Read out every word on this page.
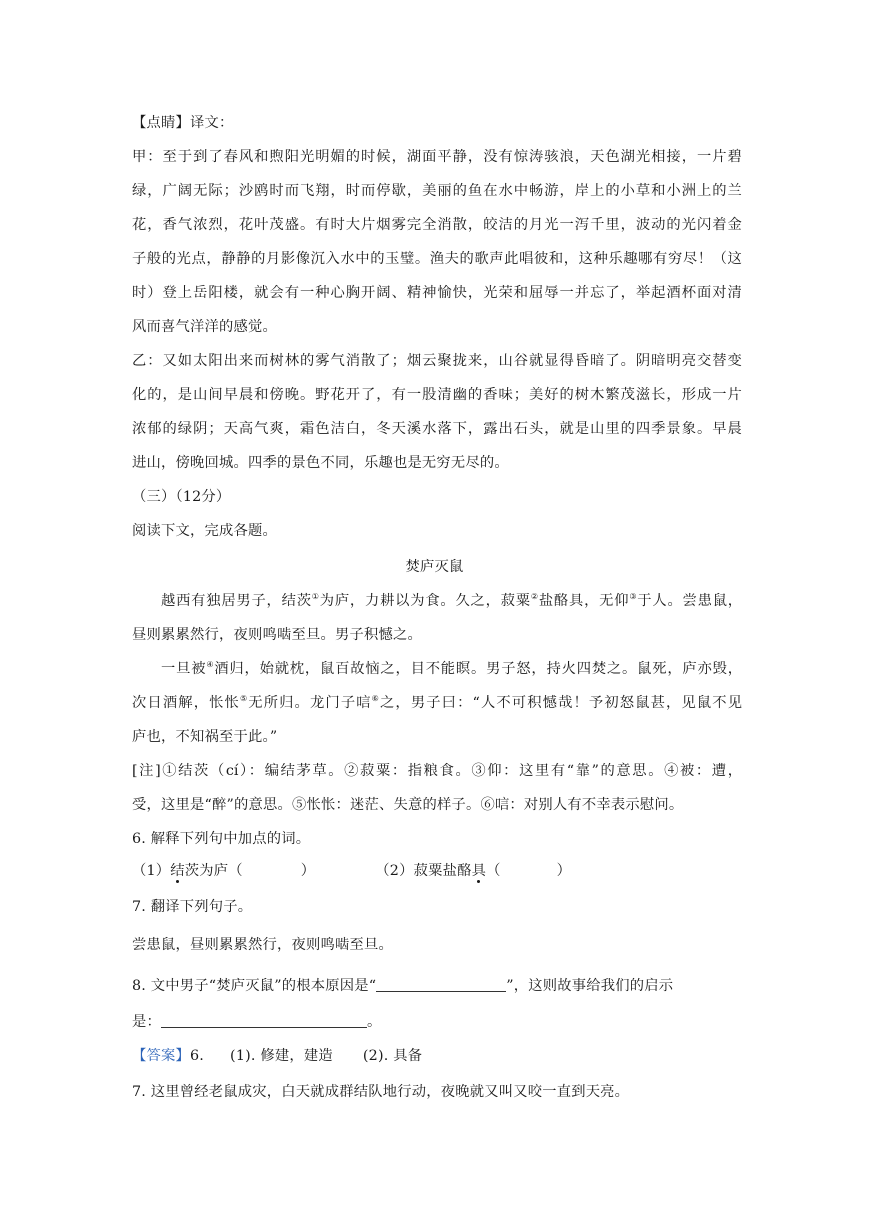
【点睛】译文：
甲：至于到了春风和煦阳光明媚的时候，湖面平静，没有惊涛骇浪，天色湖光相接，一片碧
绿，广阔无际；沙鸥时而飞翔，时而停歇，美丽的鱼在水中畅游，岸上的小草和小洲上的兰
花，香气浓烈，花叶茂盛。有时大片烟雾完全消散，皎洁的月光一泻千里，波动的光闪着金
子般的光点，静静的月影像沉入水中的玉璧。渔夫的歌声此唱彼和，这种乐趣哪有穷尽！（这
时）登上岳阳楼，就会有一种心胸开阔、精神愉快，光荣和屈辱一并忘了，举起酒杯面对清
风而喜气洋洋的感觉。
乙：又如太阳出来而树林的雾气消散了；烟云聚拢来，山谷就显得昏暗了。阴暗明亮交替变
化的，是山间早晨和傍晚。野花开了，有一股清幽的香味；美好的树木繁茂滋长，形成一片
浓郁的绿阴；天高气爽，霜色洁白，冬天溪水落下，露出石头，就是山里的四季景象。早晨
进山，傍晚回城。四季的景色不同，乐趣也是无穷无尽的。
（三）（12分）
阅读下文，完成各题。
焚庐灭鼠
越西有独居男子，结茨①为庐，力耕以为食。久之，菽粟②盐酪具，无仰③于人。尝患鼠，
昼则累累然行，夜则鸣啮至旦。男子积憾之。
一旦被④酒归，始就枕，鼠百故恼之，目不能瞑。男子怒，持火四焚之。鼠死，庐亦毁，
次日酒解，怅怅⑤无所归。龙门子唁⑥之，男子曰：“人不可积憾哉！予初怒鼠甚，见鼠不见
庐也，不知祸至于此。”
[注]①结茨（cí）：编结茅草。②菽粟：指粮食。③仰：这里有“靠”的意思。④被：遭，
受，这里是“醉”的意思。⑤怅怅：迷茫、失意的样子。⑥唁：对别人有不幸表示慰问。
6. 解释下列句中加点的词。
（1）结茨为庐（	）	（2）菽粟盐酪具（	）
7. 翻译下列句子。
尝患鼠，昼则累累然行，夜则鸣啮至旦。
8. 文中男子“焚庐灭鼠”的根本原因是“	”，这则故事给我们的启示
是：	。
【答案】6. (1). 修建，建造 (2). 具备
7. 这里曾经老鼠成灾，白天就成群结队地行动，夜晚就又叫又咬一直到天亮。
